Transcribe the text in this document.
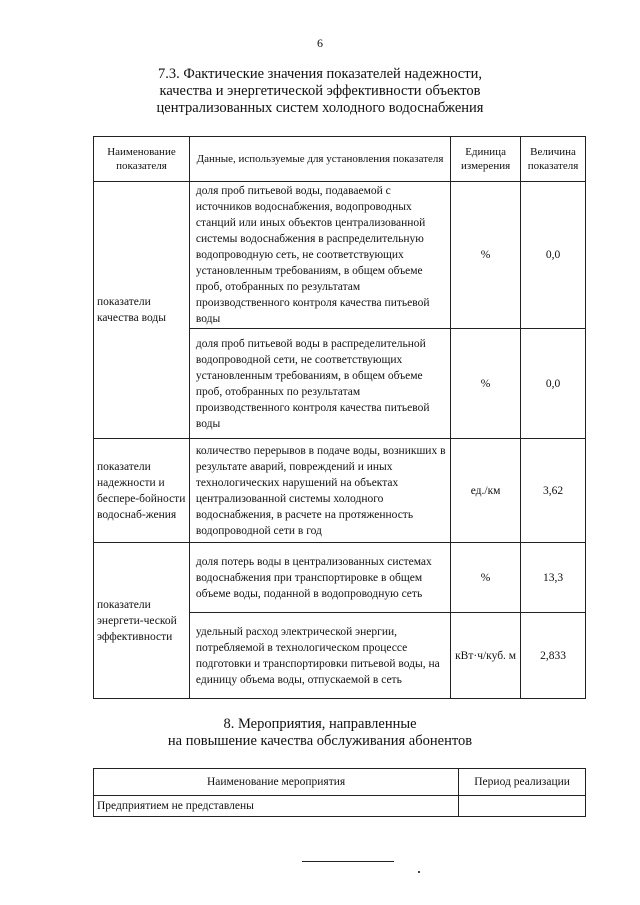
6
7.3. Фактические значения показателей надежности,
качества и энергетической эффективности объектов
централизованных систем холодного водоснабжения
Наименование показателя	Данные, используемые для установления показателя	Единица измерения	Величина показателя
показатели качества воды	доля проб питьевой воды, подаваемой с источников водоснабжения, водопроводных станций или иных объектов централизованной системы водоснабжения в распределительную водопроводную сеть, не соответствующих установленным требованиям, в общем объеме проб, отобранных по результатам производственного контроля качества питьевой воды	%	0,0
	доля проб питьевой воды в распределительной водопроводной сети, не соответствующих установленным требованиям, в общем объеме проб, отобранных по результатам производственного контроля качества питьевой воды	%	0,0
показатели надежности и беспере-бойности водоснаб-жения	количество перерывов в подаче воды, возникших в результате аварий, повреждений и иных технологических нарушений на объектах централизованной системы холодного водоснабжения, в расчете на протяженность водопроводной сети в год	ед./км	3,62
показатели энергети-ческой эффективности	доля потерь воды в централизованных системах водоснабжения при транспортировке в общем объеме воды, поданной в водопроводную сеть	%	13,3
	удельный расход электрической энергии, потребляемой в технологическом процессе подготовки и транспортировки питьевой воды, на единицу объема воды, отпускаемой в сеть	кВт·ч/куб. м	2,833
8. Мероприятия, направленные
на повышение качества обслуживания абонентов
Наименование мероприятия	Период реализации
Предприятием не представлены	
